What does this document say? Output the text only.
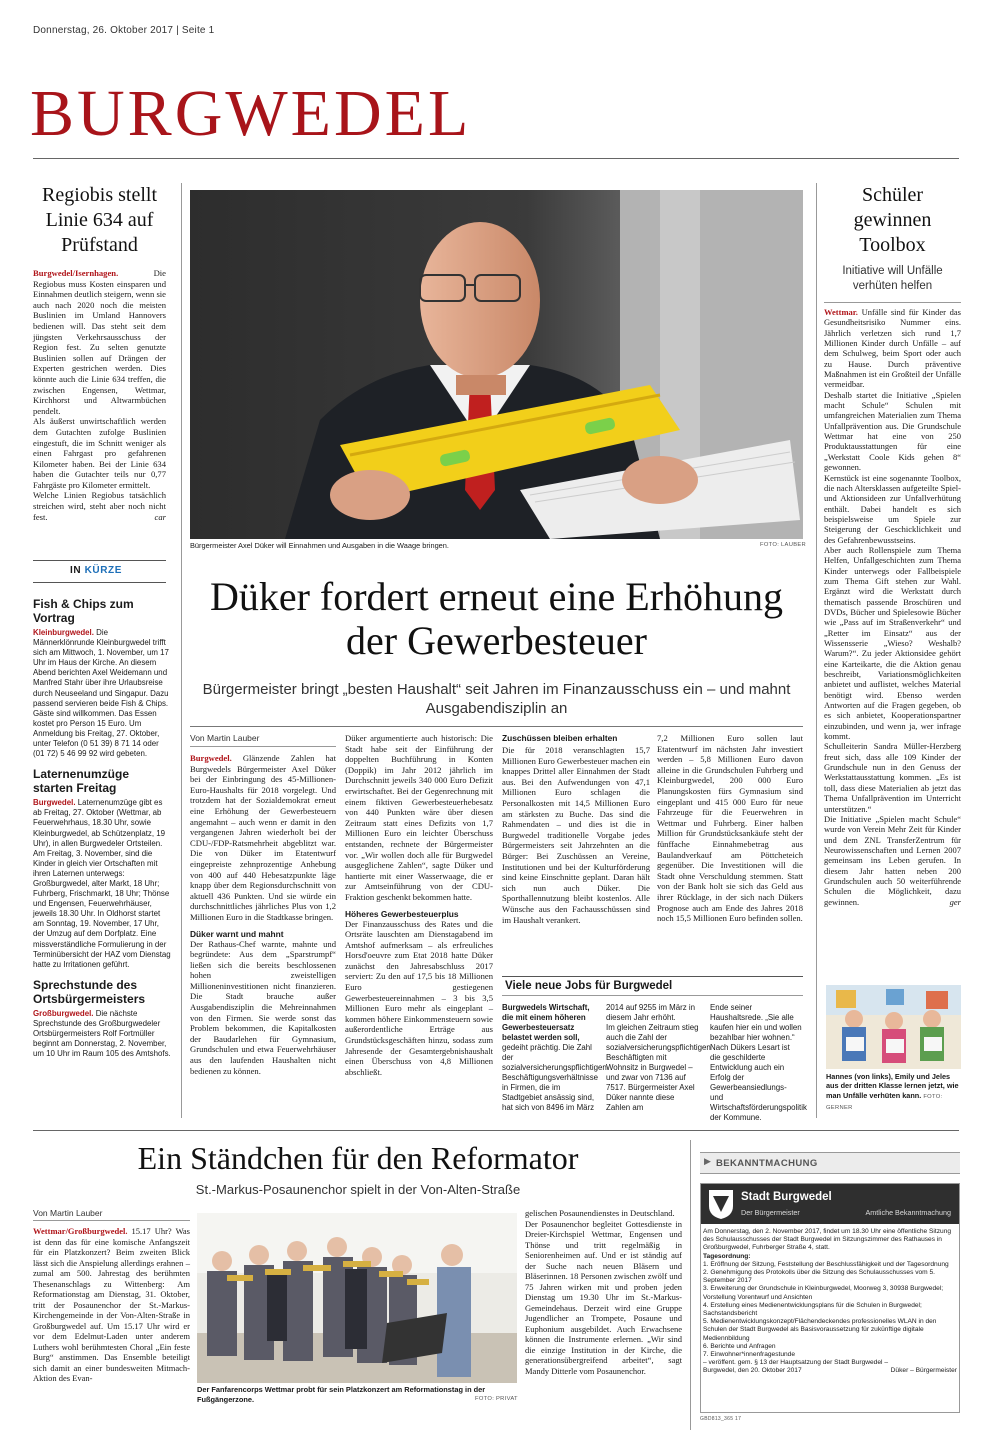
Donnerstag, 26. Oktober 2017 | Seite 1
BURGWEDEL
Regiobis stellt Linie 634 auf Prüfstand
Burgwedel/Isernhagen.	Die Regiobus muss Kosten einsparen und Einnahmen deutlich steigern, wenn sie auch nach 2020 noch die meisten Buslinien im Umland Hannovers bedienen will. Das steht seit dem jüngsten Verkehrsausschuss der Region fest. Zu selten genutzte Buslinien sollen auf Drängen der Experten gestrichen werden. Dies könnte auch die Linie 634 treffen, die zwischen Engensen, Wettmar, Kirchhorst und Altwarmbüchen pendelt.
Als äußerst unwirtschaftlich werden dem Gutachten zufolge Buslinien eingestuft, die im Schnitt weniger als einen Fahrgast pro gefahrenen Kilometer haben. Bei der Linie 634 haben die Gutachter teils nur 0,77 Fahrgäste pro Kilometer ermittelt.
Welche Linien Regiobus tatsächlich streichen wird, steht aber noch nicht fest.	car
IN KÜRZE
Fish & Chips zum Vortrag
Kleinburgwedel. Die Männerklönrunde Kleinburgwedel trifft sich am Mittwoch, 1. November, um 17 Uhr im Haus der Kirche. An diesem Abend berichten Axel Weidemann und Manfred Stahr über ihre Urlaubsreise durch Neuseeland und Singapur. Dazu passend servieren beide Fish & Chips. Gäste sind willkommen. Das Essen kostet pro Person 15 Euro. Um Anmeldung bis Freitag, 27. Oktober, unter Telefon (0 51 39) 8 71 14 oder (01 72) 5 46 99 92 wird gebeten.
Laternenumzüge starten Freitag
Burgwedel. Laternenumzüge gibt es ab Freitag, 27. Oktober (Wettmar, ab Feuerwehrhaus, 18.30 Uhr, sowie Kleinburgwedel, ab Schützenplatz, 19 Uhr), in allen Burgwedeler Ortsteilen. Am Freitag, 3. November, sind die Kinder in gleich vier Ortschaften mit ihren Laternen unterwegs: Großburgwedel, alter Markt, 18 Uhr; Fuhrberg, Frischmarkt, 18 Uhr; Thönse und Engensen, Feuerwehrhäuser, jeweils 18.30 Uhr. In Oldhorst startet am Sonntag, 19. November, 17 Uhr, der Umzug auf dem Dorfplatz. Eine missverständliche Formulierung in der Terminübersicht der HAZ vom Dienstag hatte zu Irritationen geführt.
Sprechstunde des Ortsbürgermeisters
Großburgwedel. Die nächste Sprechstunde des Großburgwedeler Ortsbürgermeisters Rolf Fortmüller beginnt am Donnerstag, 2. November, um 10 Uhr im Raum 105 des Amtshofs.
Bürgermeister Axel Düker will Einnahmen und Ausgaben in die Waage bringen.	FOTO: LAUBER
Düker fordert erneut eine Erhöhung der Gewerbesteuer
Bürgermeister bringt „besten Haushalt“ seit Jahren im Finanzausschuss ein – und mahnt Ausgabendisziplin an
Von Martin Lauber
Burgwedel. Glänzende Zahlen hat Burgwedels Bürgermeister Axel Düker bei der Einbringung des 45-Millionen-Euro-Haushalts für 2018 vorgelegt. Und trotzdem hat der Sozialdemokrat erneut eine Erhöhung der Gewerbesteuern angemahnt – auch wenn er damit in den vergangenen Jahren wiederholt bei der CDU-/FDP-Ratsmehrheit abgeblitzt war. Die von Düker im Etatentwurf eingepreiste zehnprozentige Anhebung von 400 auf 440 Hebesatzpunkte läge knapp über dem Regionsdurchschnitt von aktuell 436 Punkten. Und sie würde ein durchschnittliches jährliches Plus von 1,2 Millionen Euro in die Stadtkasse bringen.
Düker warnt und mahnt
Der Rathaus-Chef warnte, mahnte und begründete: Aus dem „Sparstrumpf“ ließen sich die bereits beschlossenen hohen zweistelligen Millioneninvestitionen nicht finanzieren. Die Stadt brauche außer Ausgabendisziplin die Mehreinnahmen von den Firmen. Sie werde sonst das Problem bekommen, die Kapitalkosten der Baudarlehen für Gymnasium, Grundschulen und etwa Feuerwehrhäuser aus den laufenden Haushalten nicht bedienen zu können.
Düker argumentierte auch historisch: Die Stadt habe seit der Einführung der doppelten Buchführung in Konten (Doppik) im Jahr 2012 jährlich im Durchschnitt jeweils 340 000 Euro Defizit erwirtschaftet. Bei der Gegenrechnung mit einem fiktiven Gewerbesteuerhebesatz von 440 Punkten wäre über diesen Zeitraum statt eines Defizits von 1,7 Millionen Euro ein leichter Überschuss entstanden, rechnete der Bürgermeister vor. „Wir wollen doch alle für Burgwedel ausgeglichene Zahlen“, sagte Düker und hantierte mit einer Wasserwaage, die er zur Amtseinführung von der CDU-Fraktion geschenkt bekommen hatte.
Höheres Gewerbesteuerplus
Der Finanzausschuss des Rates und die Ortsräte lauschten am Dienstagabend im Amtshof aufmerksam – als erfreuliches Horsd'oeuvre zum Etat 2018 hatte Düker zunächst den Jahresabschluss 2017 serviert: Zu den auf 17,5 bis 18 Millionen Euro gestiegenen Gewerbesteuereinnahmen – 3 bis 3,5 Millionen Euro mehr als eingeplant – kommen höhere Einkommensteuern sowie außerordentliche Erträge aus Grundstücksgeschäften hinzu, sodass zum Jahresende der Gesamtergebnishaushalt einen Überschuss von 4,8 Millionen abschließt.
Zuschüssen bleiben erhalten
Die für 2018 veranschlagten 15,7 Millionen Euro Gewerbesteuer machen ein knappes Drittel aller Einnahmen der Stadt aus. Bei den Aufwendungen von 47,1 Millionen Euro schlagen die Personalkosten mit 14,5 Millionen Euro am stärksten zu Buche. Das sind die Rahmendaten – und dies ist die in Burgwedel traditionelle Vorgabe jedes Bürgermeisters seit Jahrzehnten an die Bürger: Bei Zuschüssen an Vereine, Institutionen und bei der Kulturförderung sind keine Einschnitte geplant. Daran hält sich nun auch Düker. Die Sporthallennutzung bleibt kostenlos. Alle Wünsche aus den Fachausschüssen sind im Haushalt verankert.
7,2 Millionen Euro sollen laut Etatentwurf im nächsten Jahr investiert werden – 5,8 Millionen Euro davon alleine in die Grundschulen Fuhrberg und Kleinburgwedel, 200 000 Euro Planungskosten fürs Gymnasium sind eingeplant und 415 000 Euro für neue Fahrzeuge für die Feuerwehren in Wettmar und Fuhrberg. Einer halben Million für Grundstücksankäufe steht der fünffache Einnahmebetrag aus Baulandverkauf am Pöttcheteich gegenüber. Die Investitionen will die Stadt ohne Verschuldung stemmen. Statt von der Bank holt sie sich das Geld aus ihrer Rücklage, in der sich nach Dükers Prognose auch am Ende des Jahres 2018 noch 15,5 Millionen Euro befinden sollen.
Viele neue Jobs für Burgwedel
Burgwedels Wirtschaft, die mit einem höheren Gewerbesteuersatz belastet werden soll, gedeiht prächtig. Die Zahl der sozialversicherungspflichtigen Beschäftigungsverhältnisse in Firmen, die im Stadtgebiet ansässig sind, hat sich von 8496 im März
2014 auf 9255 im März in diesem Jahr erhöht.
Im gleichen Zeitraum stieg auch die Zahl der sozialversicherungspflichtigen Beschäftigten mit Wohnsitz in Burgwedel – und zwar von 7136 auf 7517. Bürgermeister Axel Düker nannte diese Zahlen am
Ende seiner Haushaltsrede. „Sie alle kaufen hier ein und wollen bezahlbar hier wohnen.“ Nach Dükers Lesart ist die geschilderte Entwicklung auch ein Erfolg der Gewerbeansiedlungs- und Wirtschaftsförderungspolitik der Kommune.
Schüler gewinnen Toolbox
Initiative will Unfälle verhüten helfen
Wettmar. Unfälle sind für Kinder das Gesundheitsrisiko Nummer eins. Jährlich verletzen sich rund 1,7 Millionen Kinder durch Unfälle – auf dem Schulweg, beim Sport oder auch zu Hause. Durch präventive Maßnahmen ist ein Großteil der Unfälle vermeidbar.
Deshalb startet die Initiative „Spielen macht Schule“ Schulen mit umfangreichen Materialien zum Thema Unfallprävention aus. Die Grundschule Wettmar hat eine von 250 Produktausstattungen für eine „Werkstatt Coole Kids gehen 8“ gewonnen.
Kernstück ist eine sogenannte Toolbox, die nach Altersklassen aufgeteilte Spiel- und Aktionsideen zur Unfallverhütung enthält. Dabei handelt es sich beispielsweise um Spiele zur Steigerung der Geschicklichkeit und des Gefahrenbewusstseins.
Aber auch Rollenspiele zum Thema Helfen, Unfallgeschichten zum Thema Kinder unterwegs oder Fallbeispiele zum Thema Gift stehen zur Wahl. Ergänzt wird die Werkstatt durch thematisch passende Broschüren und DVDs, Bücher und Spielesowie Bücher wie „Pass auf im Straßenverkehr“ und „Retter im Einsatz“ aus der Wissensserie „Wieso? Weshalb? Warum?“. Zu jeder Aktionsidee gehört eine Karteikarte, die die Aktion genau beschreibt, Variationsmöglichkeiten anbietet und auflistet, welches Material benötigt wird. Ebenso werden Antworten auf die Fragen gegeben, ob es sich anbietet, Kooperationspartner einzubinden, und wenn ja, wer infrage kommt.
Schulleiterin Sandra Müller-Herzberg freut sich, dass alle 109 Kinder der Grundschule nun in den Genuss der Werkstattausstattung kommen. „Es ist toll, dass diese Materialien ab jetzt das Thema Unfallprävention im Unterricht unterstützen.“
Die Initiative „Spielen macht Schule“ wurde von Verein Mehr Zeit für Kinder und dem ZNL TransferZentrum für Neurowissenschaften und Lernen 2007 gemeinsam ins Leben gerufen. In diesem Jahr hatten neben 200 Grundschulen auch 50 weiterführende Schulen die Möglichkeit, dazu gewinnen.	ger
Hannes (von links), Emily und Jeles aus der dritten Klasse lernen jetzt, wie man Unfälle verhüten kann. FOTO: GERNER
Ein Ständchen für den Reformator
St.-Markus-Posaunenchor spielt in der Von-Alten-Straße
Von Martin Lauber
Wettmar/Großburgwedel. 15.17 Uhr? Was ist denn das für eine komische Anfangszeit für ein Platzkonzert? Beim zweiten Blick lässt sich die Anspielung allerdings erahnen – zumal am 500. Jahrestag des berühmten Thesenanschlags zu Wittenberg: Am Reformationstag am Dienstag, 31. Oktober, tritt der Posaunenchor der St.-Markus-Kirchengemeinde in der Von-Alten-Straße in Großburgwedel auf. Um 15.17 Uhr wird er vor dem Edelmut-Laden unter anderem Luthers wohl berühmtesten Choral „Ein feste Burg“ anstimmen. Das Ensemble beteiligt sich damit an einer bundesweiten Mitmach-Aktion des Evan-
Der Fanfarencorps Wettmar probt für sein Platzkonzert am Reformationstag in der Fußgängerzone.	FOTO: PRIVAT
gelischen Posaunendienstes in Deutschland.
Der Posaunenchor begleitet Gottesdienste in Dreier-Kirchspiel Wettmar, Engensen und Thönse und tritt regelmäßig in Seniorenheimen auf. Und er ist ständig auf der Suche nach neuen Bläsern und Bläserinnen. 18 Personen zwischen zwölf und 75 Jahren wirken mit und proben jeden Dienstag um 19.30 Uhr im St.-Markus-Gemeindehaus. Derzeit wird eine Gruppe Jugendlicher an Trompete, Posaune und Euphonium ausgebildet. Auch Erwachsene können die Instrumente erlernen. „Wir sind die einzige Institution in der Kirche, die generationsübergreifend arbeitet“, sagt Mandy Ditterle vom Posaunenchor.
▶ BEKANNTMACHUNG
Stadt Burgwedel
Der Bürgermeister	Amtliche Bekanntmachung
Am Donnerstag, den 2. November 2017, findet um 18.30 Uhr eine öffentliche Sitzung des Schulausschusses der Stadt Burgwedel im Sitzungszimmer des Rathauses in Großburgwedel, Fuhrberger Straße 4, statt.
Tagesordnung:
1. Eröffnung der Sitzung, Feststellung der Beschlussfähigkeit und der Tagesordnung
2. Genehmigung des Protokolls über die Sitzung des Schulausschusses vom 5. September 2017
3. Erweiterung der Grundschule in Kleinburgwedel, Moorweg 3, 30938 Burgwedel; Vorstellung Vorentwurf und Ansichten
4. Erstellung eines Medienentwicklungsplans für die Schulen in Burgwedel; Sachstandsbericht
5. Medienentwicklungskonzept/Flächendeckendes professionelles WLAN in den Schulen der Stadt Burgwedel als Basisvoraussetzung für zukünftige digitale Mediennbildung
6. Berichte und Anfragen
7. Einwohner*innenfragestunde
– veröffent. gem. § 13 der Hauptsatzung der Stadt Burgwedel –
Burgwedel, den 20. Oktober 2017	Düker – Bürgermeister
GBD813_365 17
